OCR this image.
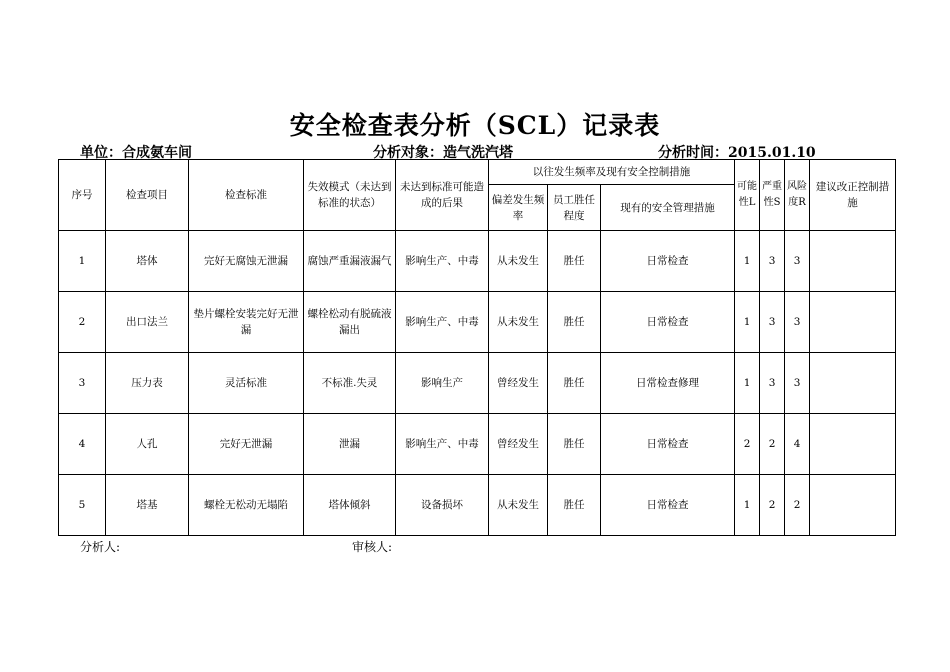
安全检查表分析（SCL）记录表
单位：合成氨车间	分析对象：造气洗汽塔	分析时间：2015.01.10
序号	检查项目	检查标准	失效模式（未达到标准的状态）	未达到标准可能造成的后果	以往发生频率及现有安全控制措施			可能性L	严重性S	风险度R	建议改正控制措施
					偏差发生频率	员工胜任程度	现有的安全管理措施				
1	塔体	完好无腐蚀无泄漏	腐蚀严重漏液漏气	影响生产、中毒	从未发生	胜任	日常检查	1	3	3	
2	出口法兰	垫片螺栓安装完好无泄漏	螺栓松动有脱硫液漏出	影响生产、中毒	从未发生	胜任	日常检查	1	3	3	
3	压力表	灵活标准	不标准.失灵	影响生产	曾经发生	胜任	日常检查修理	1	3	3	
4	人孔	完好无泄漏	泄漏	影响生产、中毒	曾经发生	胜任	日常检查	2	2	4	
5	塔基	螺栓无松动无塌陷	塔体倾斜	设备损坏	从未发生	胜任	日常检查	1	2	2	
分析人:	审核人:
